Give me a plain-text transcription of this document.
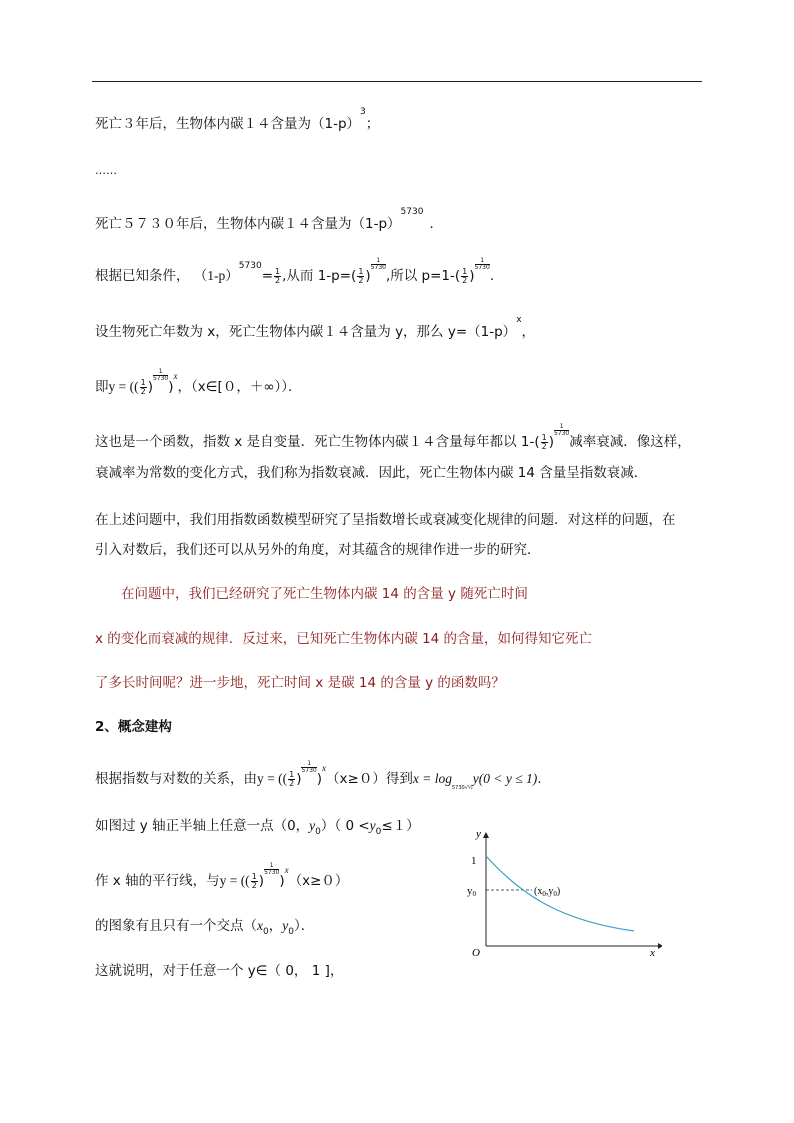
死亡３年后，生物体内碳１４含量为$(1-p)^3$；
……
死亡５７３０年后，生物体内碳１４含量为$(1-p)^{5730}$．
根据已知条件， $(1-p)^{5730}= \frac{1}{2}$ ,从而 $1-p=( \frac{1}{2}$ )
$\frac{1}{5730}$,所以 $p=1-( \frac{1}{2}$ )
$\frac{1}{5730}$.
设生物死亡年数为 x，死亡生物体内碳１４含量为 y，那么 $y=(1-p)^x$，
即y = (( $\frac{1}{2}$ )
$\frac{1}{5730})^x$，（x∈[０，＋∞））．
这也是一个函数，指数 x 是自变量．死亡生物体内碳１４含量每年都以 $1-( \frac{1}{2}$ )
$\frac{1}{5730}$减率衰减．像这样，
衰减率为常数的变化方式，我们称为指数衰减．因此，死亡生物体内碳 14 含量呈指数衰减．
在上述问题中，我们用指数函数模型研究了呈指数增长或衰减变化规律的问题．对这样的问题，在
引入对数后，我们还可以从另外的角度，对其蕴含的规律作进一步的研究．
在问题中，我们已经研究了死亡生物体内碳 14 的含量 y 随死亡时间
x 的变化而衰减的规律．反过来，已知死亡生物体内碳 14 的含量，如何得知它死亡
了多长时间呢？进一步地，死亡时间 x 是碳 14 的含量 y 的函数吗？
2、概念建构
根据指数与对数的关系，由y = (( $\frac{1}{2}$ )
$\frac{1}{5730})^x(x\ge 0)$得到$x = \log_{5730√\frac{1}{2}}y(0 < y \le 1)$.
如图过 y 轴正半轴上任意一点（0，$y_0$）（ $0 <y_0\le 1$）
作 x 轴的平行线，与y = (( $\frac{1}{2}$ )
$\frac{1}{5730})^x(x\ge 0)$
的图象有且只有一个交点（$x_0$，$y_0$）．
这就说明，对于任意一个 y∈（ 0， 1 ]，
y
x
O
1
y0	$(x_0,y_0)$
